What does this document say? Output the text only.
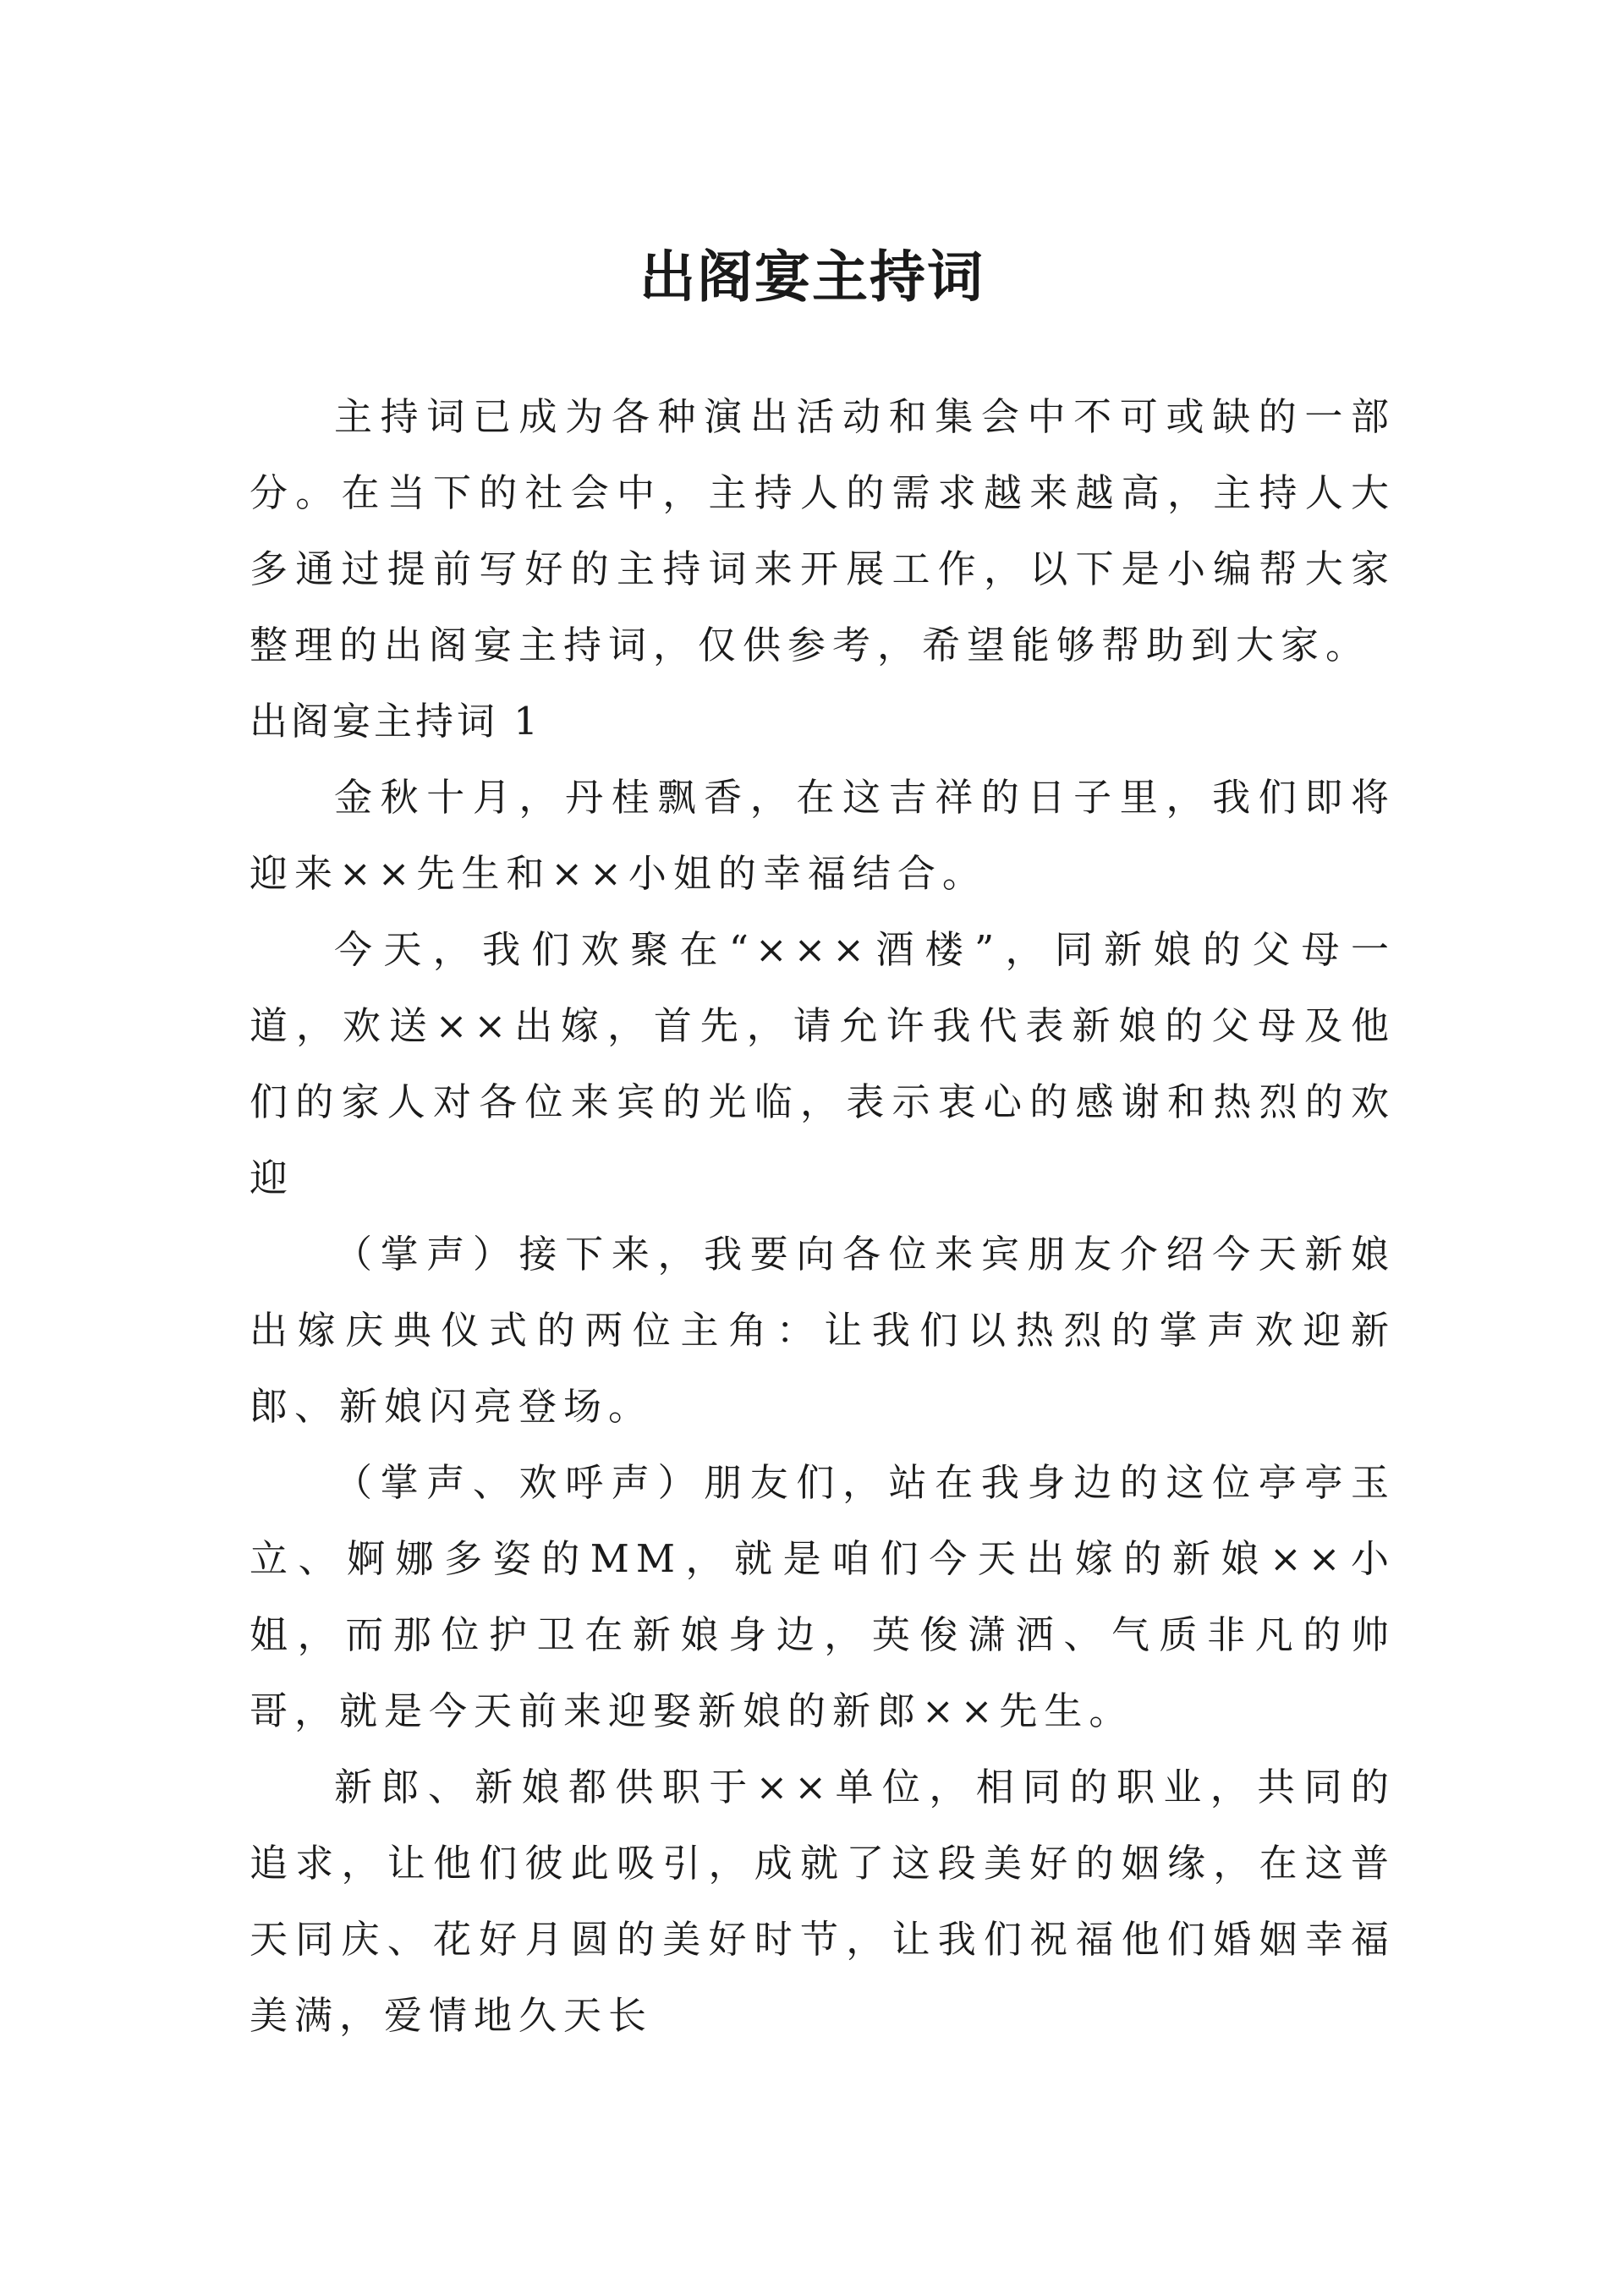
出阁宴主持词

主持词已成为各种演出活动和集会中不可或缺的一部分。在当下的社会中，主持人的需求越来越高，主持人大多通过提前写好的主持词来开展工作，以下是小编帮大家整理的出阁宴主持词，仅供参考，希望能够帮助到大家。

出阁宴主持词 1

金秋十月，丹桂飘香，在这吉祥的日子里，我们即将迎来××先生和××小姐的幸福结合。

今天，我们欢聚在“×××酒楼”，同新娘的父母一道，欢送××出嫁，首先，请允许我代表新娘的父母及他们的家人对各位来宾的光临，表示衷心的感谢和热烈的欢迎

（掌声）接下来，我要向各位来宾朋友介绍今天新娘出嫁庆典仪式的两位主角：让我们以热烈的掌声欢迎新郎、新娘闪亮登场。

（掌声、欢呼声）朋友们，站在我身边的这位亭亭玉立、婀娜多姿的MM，就是咱们今天出嫁的新娘××小姐，而那位护卫在新娘身边，英俊潇洒、气质非凡的帅哥，就是今天前来迎娶新娘的新郎××先生。

新郎、新娘都供职于××单位，相同的职业，共同的追求，让他们彼此吸引，成就了这段美好的姻缘，在这普天同庆、花好月圆的美好时节，让我们祝福他们婚姻幸福美满，爱情地久天长
